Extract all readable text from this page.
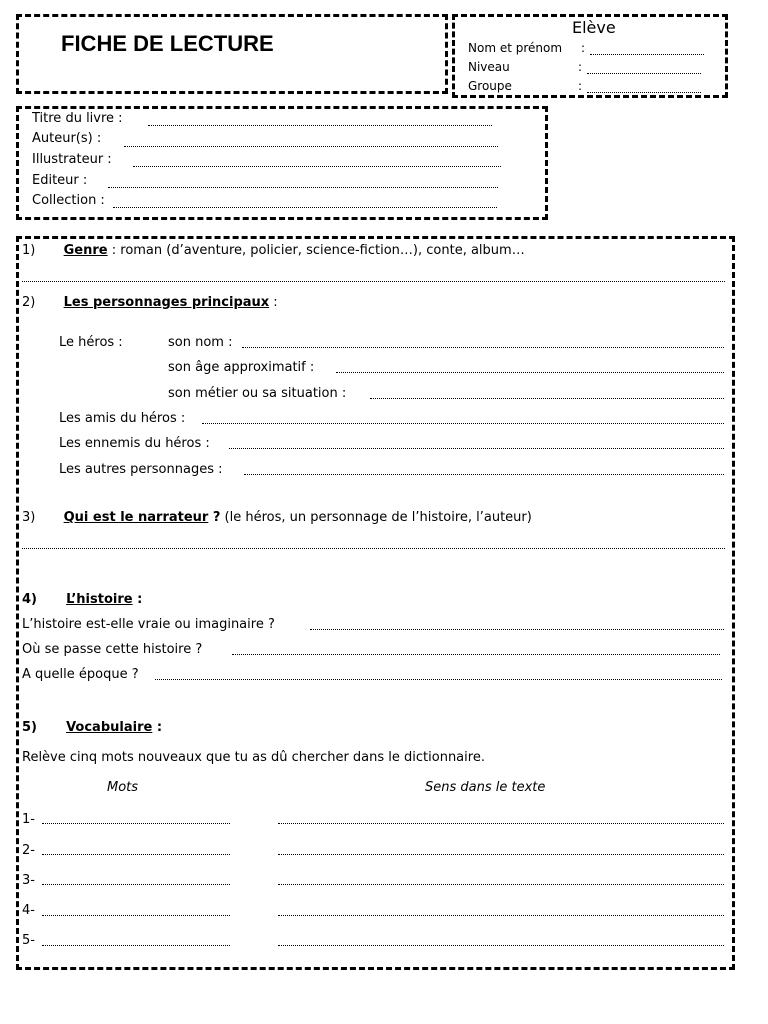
FICHE DE LECTURE
Elève
Nom et prénom :
Niveau	:
Groupe	:
Titre du livre :
Auteur(s) :
Illustrateur :
Editeur :
Collection :
1) Genre : roman (d’aventure, policier, science-fiction…), conte, album…
2) Les personnages principaux :
Le héros :	son nom :
son âge approximatif :
son métier ou sa situation :
Les amis du héros :
Les ennemis du héros :
Les autres personnages :
3) Qui est le narrateur ? (le héros, un personnage de l’histoire, l’auteur)
4) L’histoire :
L’histoire est-elle vraie ou imaginaire ?
Où se passe cette histoire ?
A quelle époque ?
5) Vocabulaire :
Relève cinq mots nouveaux que tu as dû chercher dans le dictionnaire.
Mots	Sens dans le texte
1-
2-
3-
4-
5-
